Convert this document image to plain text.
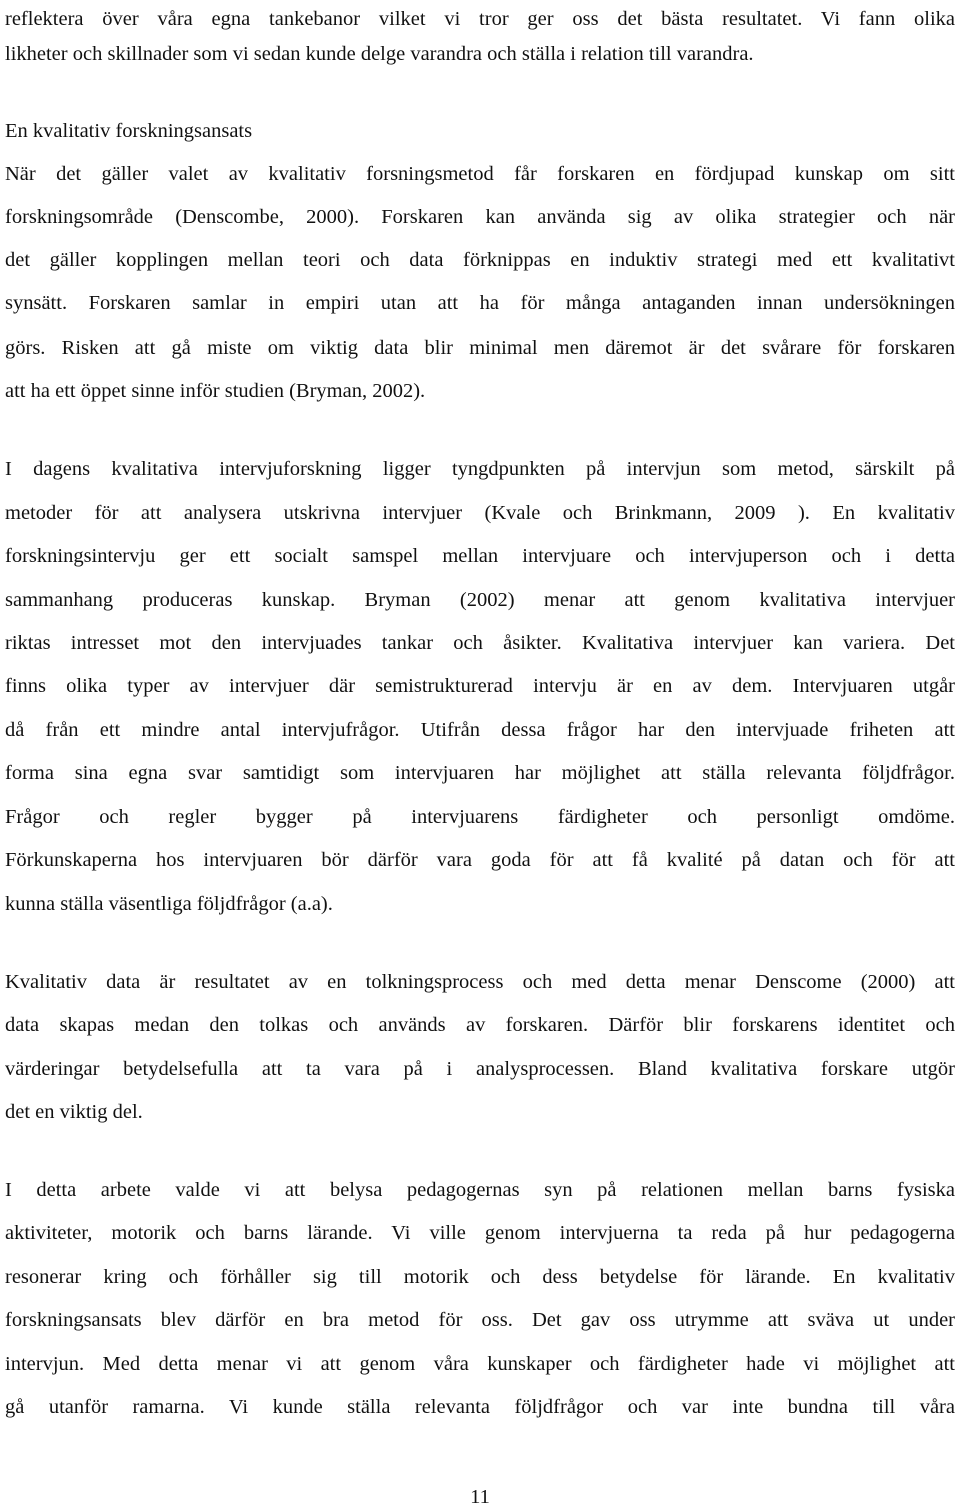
reflektera över våra egna tankebanor vilket vi tror ger oss det bästa resultatet. Vi fann olika
likheter och skillnader som vi sedan kunde delge varandra och ställa i relation till varandra.
En kvalitativ forskningsansats
När det gäller valet av kvalitativ forsningsmetod får forskaren en fördjupad kunskap om sitt
forskningsområde (Denscombe, 2000). Forskaren kan använda sig av olika strategier och när
det gäller kopplingen mellan teori och data förknippas en induktiv strategi med ett kvalitativt
synsätt. Forskaren samlar in empiri utan att ha för många antaganden innan undersökningen
görs. Risken att gå miste om viktig data blir minimal men däremot är det svårare för forskaren
att ha ett öppet sinne inför studien (Bryman, 2002).
I dagens kvalitativa intervjuforskning ligger tyngdpunkten på intervjun som metod, särskilt på
metoder för att analysera utskrivna intervjuer (Kvale och Brinkmann, 2009 ). En kvalitativ
forskningsintervju ger ett socialt samspel mellan intervjuare och intervjuperson och i detta
sammanhang produceras kunskap. Bryman (2002) menar att genom kvalitativa intervjuer
riktas intresset mot den intervjuades tankar och åsikter. Kvalitativa intervjuer kan variera. Det
finns olika typer av intervjuer där semistrukturerad intervju är en av dem. Intervjuaren utgår
då från ett mindre antal intervjufrågor. Utifrån dessa frågor har den intervjuade friheten att
forma sina egna svar samtidigt som intervjuaren har möjlighet att ställa relevanta följdfrågor.
Frågor och regler bygger på intervjuarens färdigheter och personligt omdöme.
Förkunskaperna hos intervjuaren bör därför vara goda för att få kvalité på datan och för att
kunna ställa väsentliga följdfrågor (a.a).
Kvalitativ data är resultatet av en tolkningsprocess och med detta menar Denscome (2000) att
data skapas medan den tolkas och används av forskaren. Därför blir forskarens identitet och
värderingar betydelsefulla att ta vara på i analysprocessen. Bland kvalitativa forskare utgör
det en viktig del.
I detta arbete valde vi att belysa pedagogernas syn på relationen mellan barns fysiska
aktiviteter, motorik och barns lärande. Vi ville genom intervjuerna ta reda på hur pedagogerna
resonerar kring och förhåller sig till motorik och dess betydelse för lärande. En kvalitativ
forskningsansats blev därför en bra metod för oss. Det gav oss utrymme att sväva ut under
intervjun. Med detta menar vi att genom våra kunskaper och färdigheter hade vi möjlighet att
gå utanför ramarna. Vi kunde ställa relevanta följdfrågor och var inte bundna till våra
11
